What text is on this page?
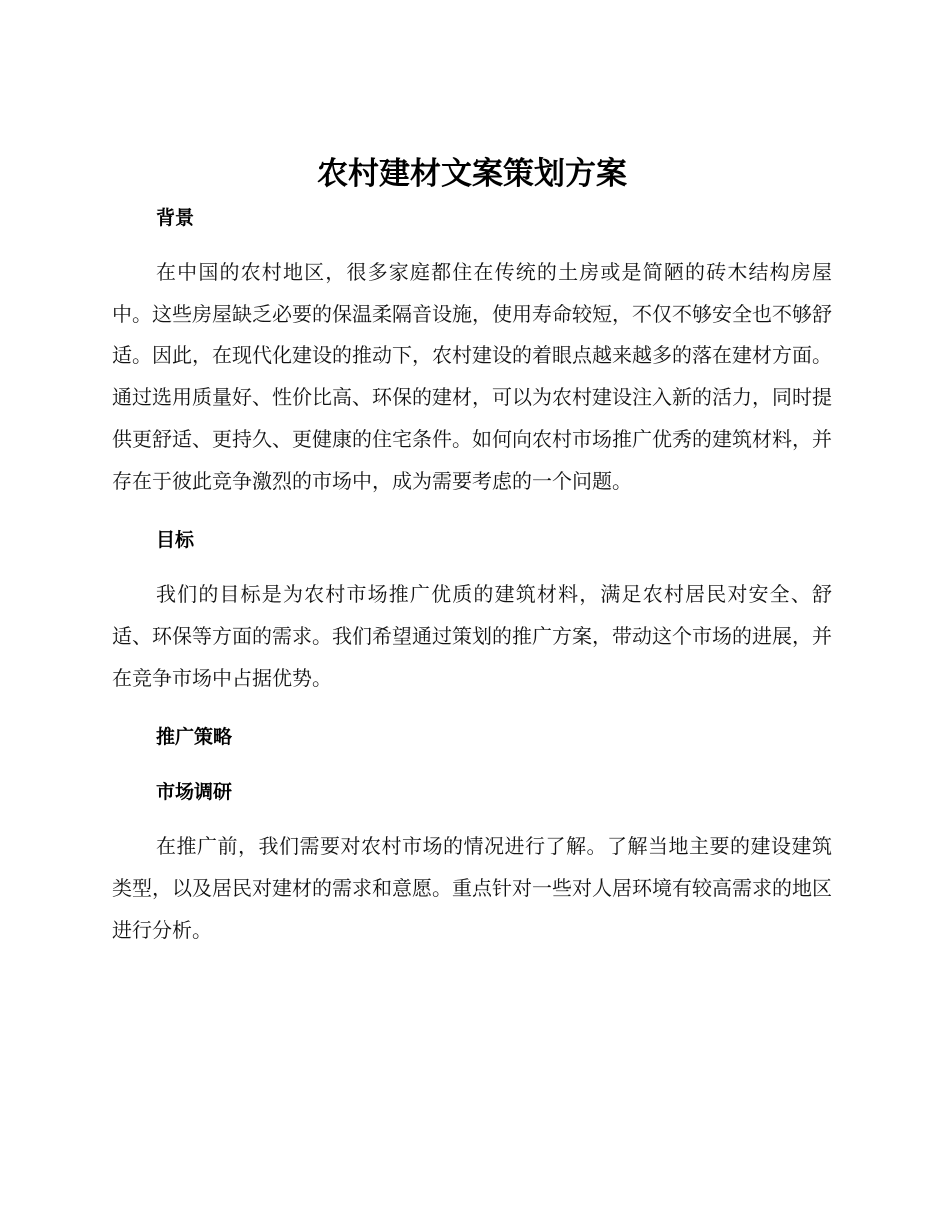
农村建材文案策划方案
背景

在中国的农村地区，很多家庭都住在传统的土房或是简陋的砖木结构房屋中。这些房屋缺乏必要的保温柔隔音设施，使用寿命较短，不仅不够安全也不够舒适。因此，在现代化建设的推动下，农村建设的着眼点越来越多的落在建材方面。通过选用质量好、性价比高、环保的建材，可以为农村建设注入新的活力，同时提供更舒适、更持久、更健康的住宅条件。如何向农村市场推广优秀的建筑材料，并存在于彼此竞争激烈的市场中，成为需要考虑的一个问题。

目标

我们的目标是为农村市场推广优质的建筑材料，满足农村居民对安全、舒适、环保等方面的需求。我们希望通过策划的推广方案，带动这个市场的进展，并在竞争市场中占据优势。

推广策略
市场调研

在推广前，我们需要对农村市场的情况进行了解。了解当地主要的建设建筑类型，以及居民对建材的需求和意愿。重点针对一些对人居环境有较高需求的地区进行分析。
